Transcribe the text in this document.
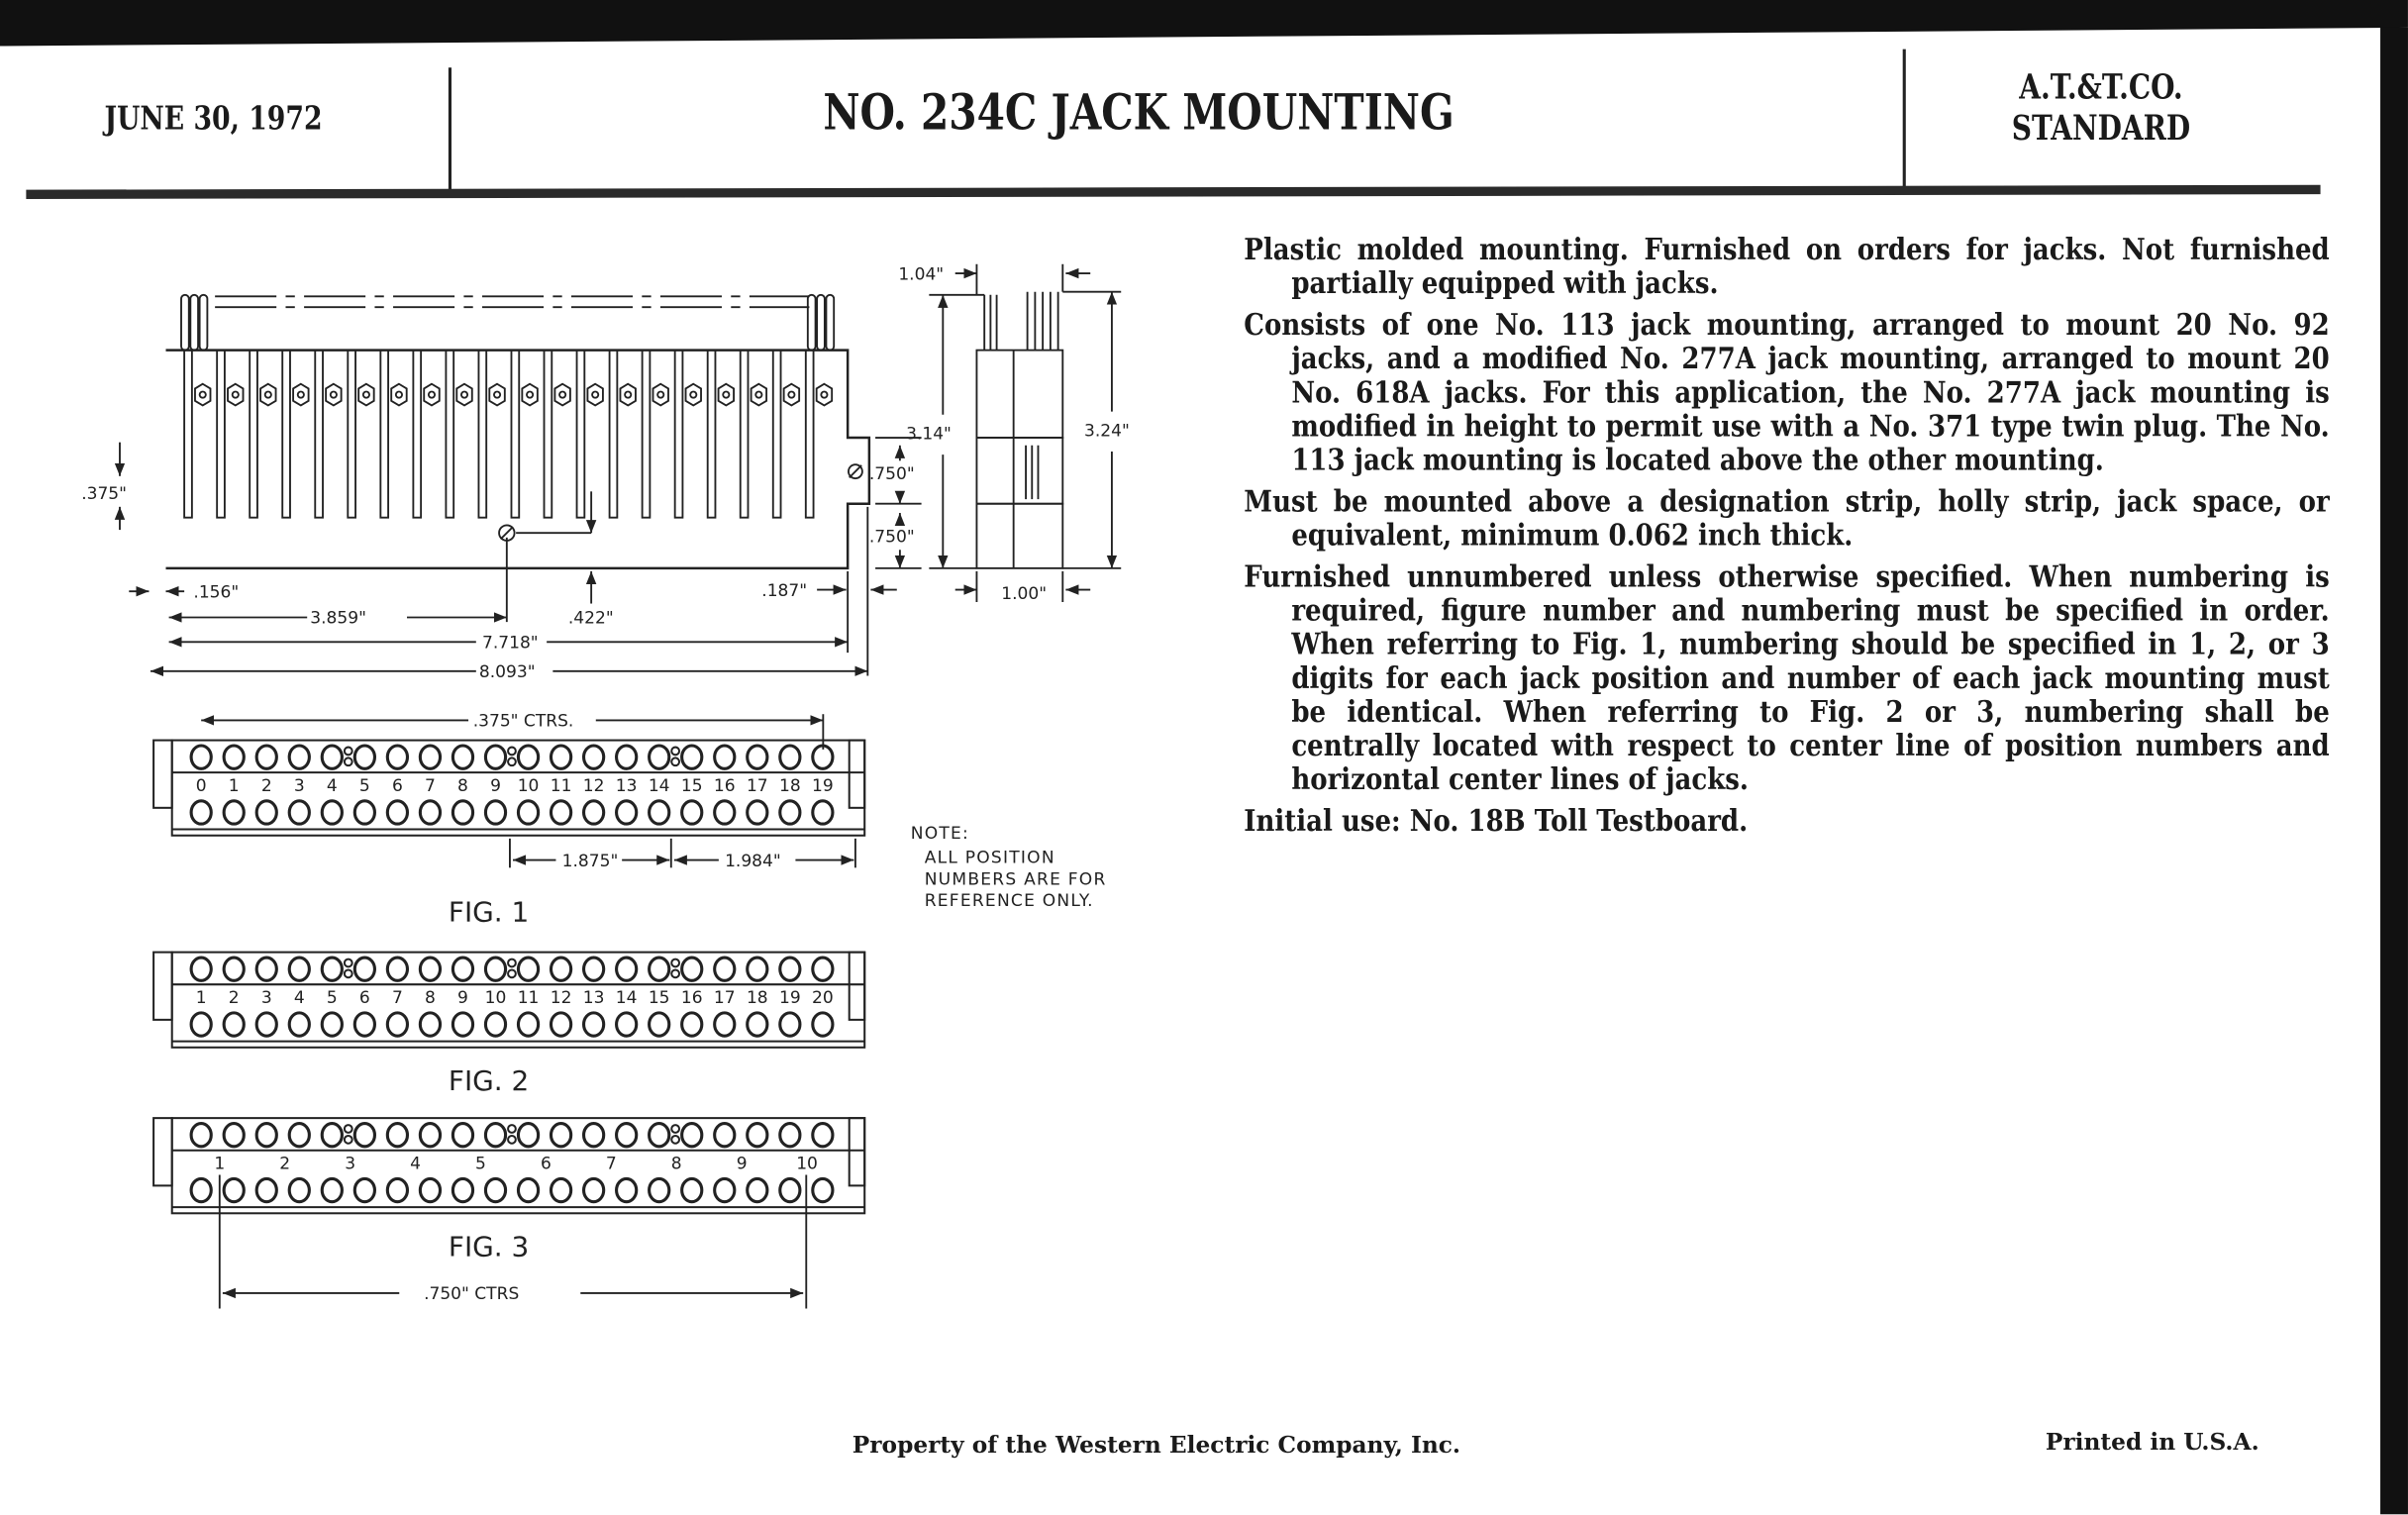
JUNE 30, 1972	NO. 234C JACK MOUNTING	A.T.&T.CO.
STANDARD

Plastic molded mounting. Furnished on orders for jacks. Not furnished partially equipped with jacks.

Consists of one No. 113 jack mounting, arranged to mount 20 No. 92 jacks, and a modified No. 277A jack mounting, arranged to mount 20 No. 618A jacks. For this application, the No. 277A jack mounting is modified in height to permit use with a No. 371 type twin plug. The No. 113 jack mounting is located above the other mounting.

Must be mounted above a designation strip, holly strip, jack space, or equivalent, minimum 0.062 inch thick.

Furnished unnumbered unless otherwise specified. When numbering is required, figure number and numbering must be specified in order. When referring to Fig. 1, numbering should be specified in 1, 2, or 3 digits for each jack position and number of each jack mounting must be identical. When referring to Fig. 2 or 3, numbering shall be centrally located with respect to center line of position numbers and horizontal center lines of jacks.

Initial use: No. 18B Toll Testboard.

1.04"
3.14"	3.24"
.750"
.750"
1.00"
.375"
.156"	.187"
3.859"	.422"
7.718"
8.093"
.375" CTRS.
1.875"	1.984"
FIG. 1
0 1 2 3 4 5 6 7 8 9 10 11 12 13 14 15 16 17 18 19
FIG. 2
1 2 3 4 5 6 7 8 9 10 11 12 13 14 15 16 17 18 19 20
.750" CTRS
FIG. 3
1	2	3	4	5	6	7	8	9	10
NOTE:
ALL POSITION
NUMBERS ARE FOR
REFERENCE ONLY.
Property of the Western Electric Company, Inc.	Printed in U.S.A.
